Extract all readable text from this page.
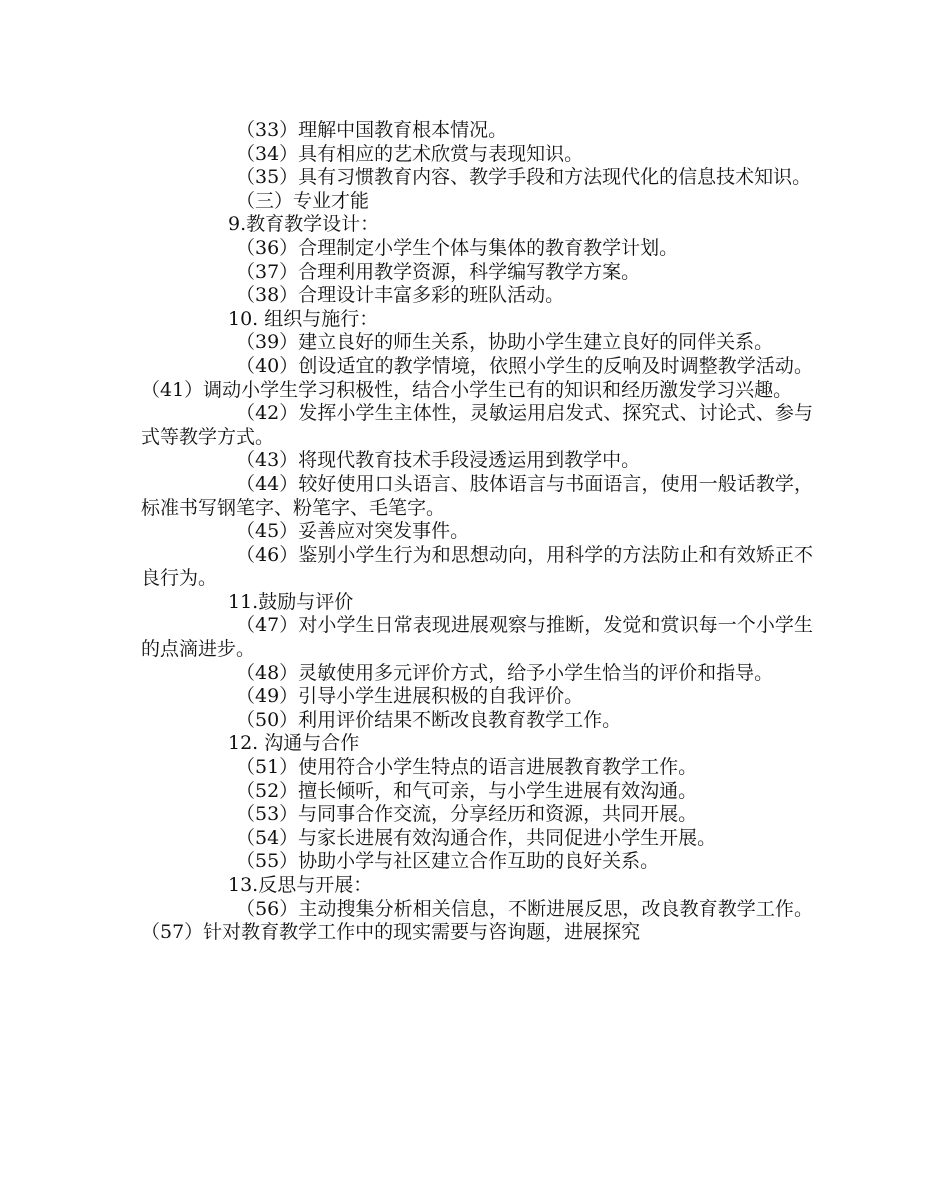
（33）理解中国教育根本情况。

（34）具有相应的艺术欣赏与表现知识。

（35）具有习惯教育内容、教学手段和方法现代化的信息技术知识。

（三）专业才能

9.教育教学设计：

（36）合理制定小学生个体与集体的教育教学计划。

（37）合理利用教学资源，科学编写教学方案。

（38）合理设计丰富多彩的班队活动。

10. 组织与施行：

（39）建立良好的师生关系，协助小学生建立良好的同伴关系。

（40）创设适宜的教学情境，依照小学生的反响及时调整教学活动。（41）调动小学生学习积极性，结合小学生已有的知识和经历激发学习兴趣。

（42）发挥小学生主体性，灵敏运用启发式、探究式、讨论式、参与式等教学方式。

（43）将现代教育技术手段浸透运用到教学中。

（44）较好使用口头语言、肢体语言与书面语言，使用一般话教学，标准书写钢笔字、粉笔字、毛笔字。

（45）妥善应对突发事件。

（46）鉴别小学生行为和思想动向，用科学的方法防止和有效矫正不良行为。

11.鼓励与评价

（47）对小学生日常表现进展观察与推断，发觉和赏识每一个小学生的点滴进步。

（48）灵敏使用多元评价方式，给予小学生恰当的评价和指导。

（49）引导小学生进展积极的自我评价。

（50）利用评价结果不断改良教育教学工作。

12. 沟通与合作

（51）使用符合小学生特点的语言进展教育教学工作。

（52）擅长倾听，和气可亲，与小学生进展有效沟通。

（53）与同事合作交流，分享经历和资源，共同开展。

（54）与家长进展有效沟通合作，共同促进小学生开展。

（55）协助小学与社区建立合作互助的良好关系。

13.反思与开展：

（56）主动搜集分析相关信息，不断进展反思，改良教育教学工作。（57）针对教育教学工作中的现实需要与咨询题，进展探究
